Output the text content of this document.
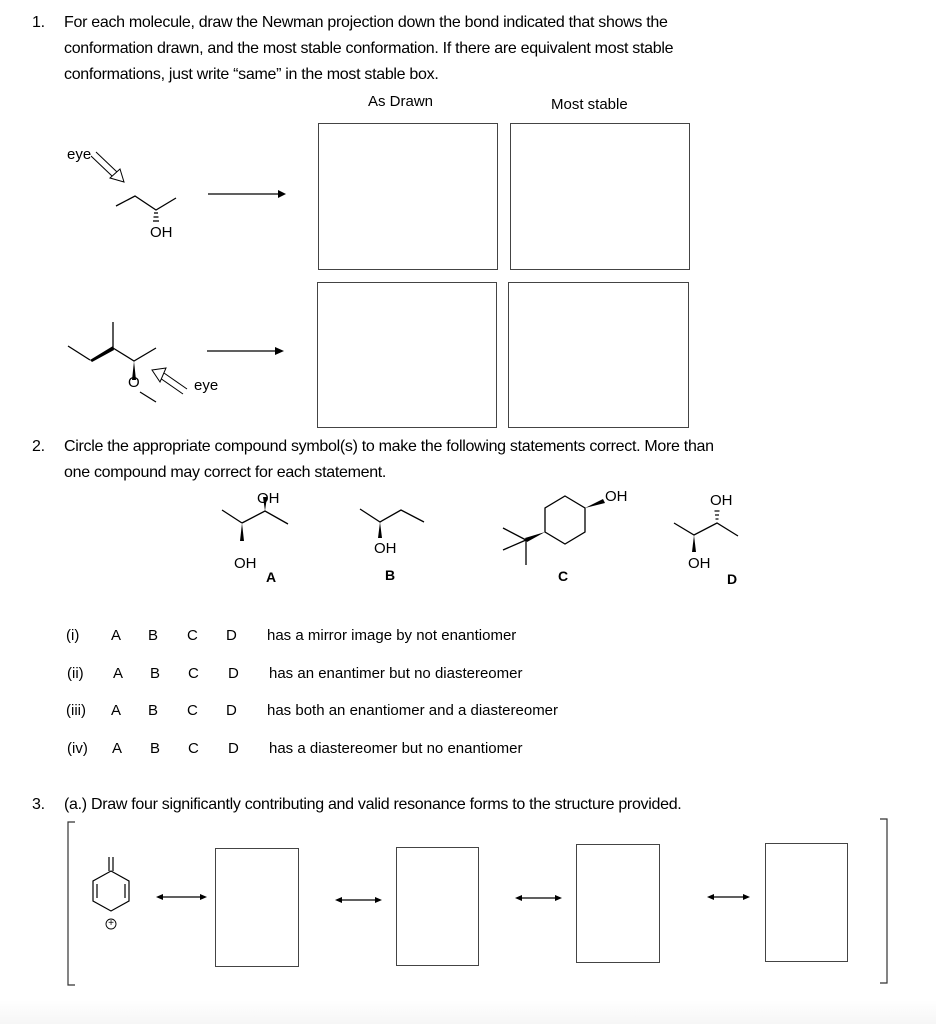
1. For each molecule, draw the Newman projection down the bond indicated that shows the
conformation drawn, and the most stable conformation. If there are equivalent most stable
conformations, just write “same” in the most stable box.
As Drawn	Most stable
eye
OH
O	eye
2. Circle the appropriate compound symbol(s) to make the following statements correct. More than
one compound may correct for each statement.
OH
OH
A
OH
B
OH
C
OH
OH
D
(i) A B C D has a mirror image by not enantiomer
(ii) A B C D has an enantimer but no diastereomer
(iii) A B C D has both an enantiomer and a diastereomer
(iv) A B C D has a diastereomer but no enantiomer
3. (a.) Draw four significantly contributing and valid resonance forms to the structure provided.
+
